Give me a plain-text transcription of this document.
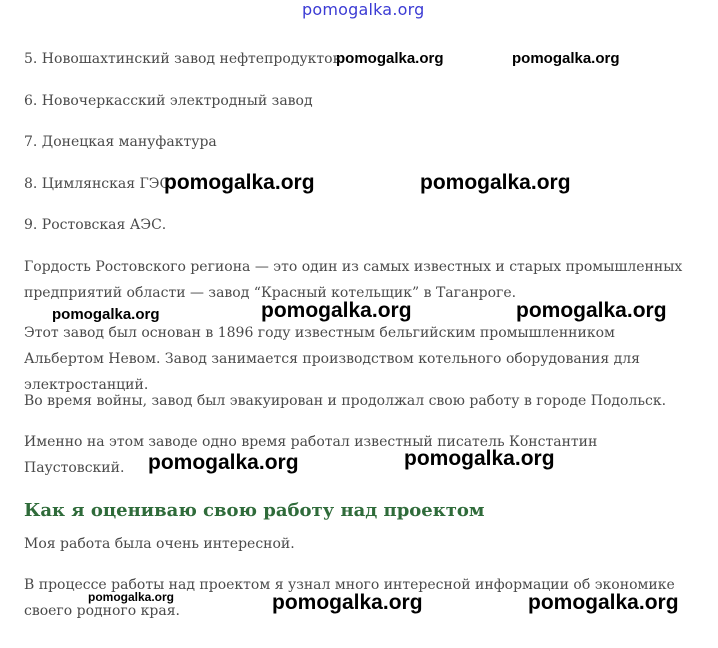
pomogalka.org

5. Новошахтинский завод нефтепродуктов

6. Новочеркасский электродный завод

7. Донецкая мануфактура

8. Цимлянская ГЭС.

9. Ростовская АЭС.

Гордость Ростовского региона — это один из самых известных и старых промышленных предприятий области — завод “Красный котельщик” в Таганроге.

Этот завод был основан в 1896 году известным бельгийским промышленником Альбертом Невом. Завод занимается производством котельного оборудования для электростанций.

Во время войны, завод был эвакуирован и продолжал свою работу в городе Подольск.

Именно на этом заводе одно время работал известный писатель Константин Паустовский.

Как я оцениваю свою работу над проектом

Моя работа была очень интересной.

В процессе работы над проектом я узнал много интересной информации об экономике своего родного края.

pomogalka.org	pomogalka.org
pomogalka.org	pomogalka.org
pomogalka.org	pomogalka.org	pomogalka.org
pomogalka.org	pomogalka.org
pomogalka.org	pomogalka.org	pomogalka.org
